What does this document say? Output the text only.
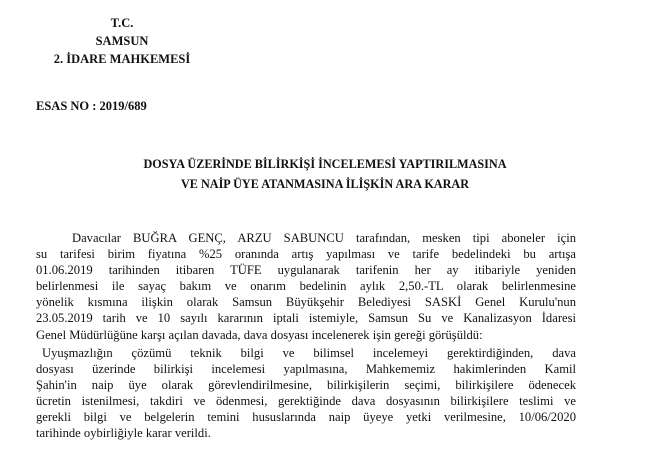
T.C.
SAMSUN
2. İDARE MAHKEMESİ
ESAS NO : 2019/689
DOSYA ÜZERİNDE BİLİRKİŞİ İNCELEMESİ YAPTIRILMASINA
VE NAİP ÜYE ATANMASINA İLİŞKİN ARA KARAR
Davacılar BUĞRA GENÇ, ARZU SABUNCU tarafından, mesken tipi aboneler için
su tarifesi birim fiyatına %25 oranında artış yapılması ve tarife bedelindeki bu artışa
01.06.2019 tarihinden itibaren TÜFE uygulanarak tarifenin her ay itibariyle yeniden
belirlenmesi ile sayaç bakım ve onarım bedelinin aylık 2,50.-TL olarak belirlenmesine
yönelik kısmına ilişkin olarak Samsun Büyükşehir Belediyesi SASKİ Genel Kurulu'nun
23.05.2019 tarih ve 10 sayılı kararının iptali istemiyle, Samsun Su ve Kanalizasyon İdaresi
Genel Müdürlüğüne karşı açılan davada, dava dosyası incelenerek işin gereği görüşüldü:
Uyuşmazlığın çözümü teknik bilgi ve bilimsel incelemeyi gerektirdiğinden, dava
dosyası üzerinde bilirkişi incelemesi yapılmasına, Mahkememiz hakimlerinden Kamil
Şahin'in naip üye olarak görevlendirilmesine, bilirkişilerin seçimi, bilirkişilere ödenecek
ücretin istenilmesi, takdiri ve ödenmesi, gerektiğinde dava dosyasının bilirkişilere teslimi ve
gerekli bilgi ve belgelerin temini hususlarında naip üyeye yetki verilmesine, 10/06/2020
tarihinde oybirliğiyle karar verildi.
